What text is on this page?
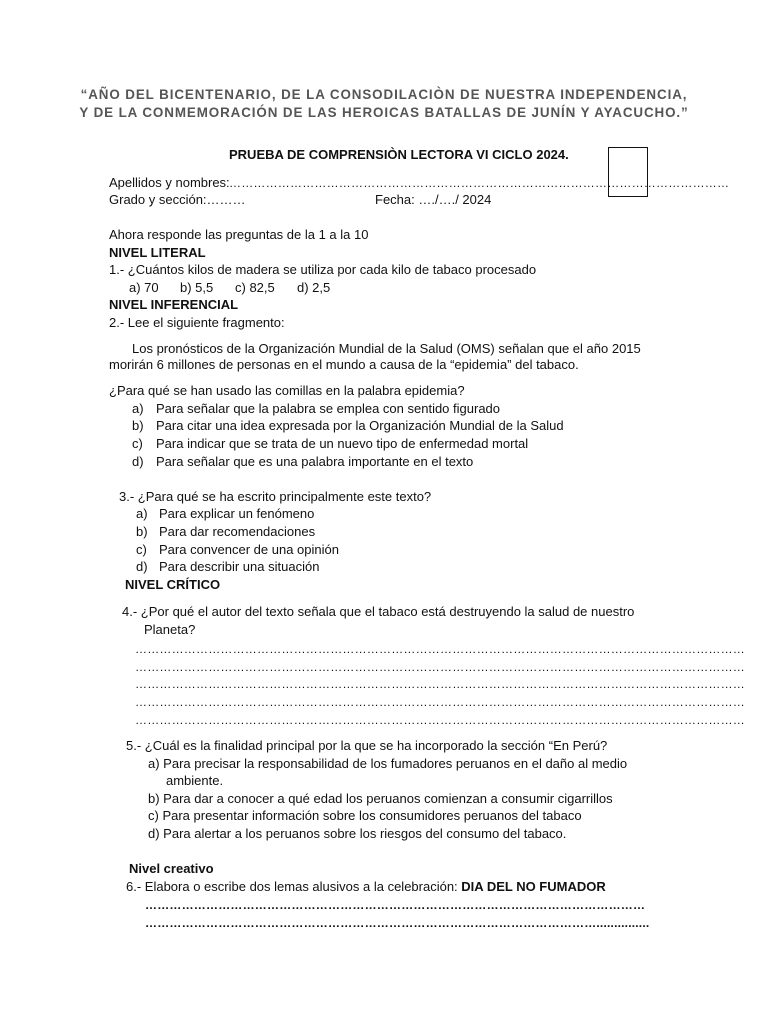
“AÑO DEL BICENTENARIO, DE LA CONSODILACIÒN DE NUESTRA INDEPENDENCIA,
Y DE LA CONMEMORACIÓN DE LAS HEROICAS BATALLAS DE JUNÍN Y AYACUCHO.”
PRUEBA DE COMPRENSIÒN LECTORA VI CICLO 2024.
Apellidos y nombres: ……………………………………………………………………………………………………………
Grado y sección:………	Fecha: …./…./ 2024
Ahora responde las preguntas de la 1 a la 10
NIVEL LITERAL
1.- ¿Cuántos kilos de madera se utiliza por cada kilo de tabaco procesado
a) 70 b) 5,5 c) 82,5 d) 2,5
NIVEL INFERENCIAL
2.- Lee el siguiente fragmento:
Los pronósticos de la Organización Mundial de la Salud (OMS) señalan que el año 2015
morirán 6 millones de personas en el mundo a causa de la “epidemia” del tabaco.
¿Para qué se han usado las comillas en la palabra epidemia?
a) Para señalar que la palabra se emplea con sentido figurado
b) Para citar una idea expresada por la Organización Mundial de la Salud
c) Para indicar que se trata de un nuevo tipo de enfermedad mortal
d) Para señalar que es una palabra importante en el texto
3.- ¿Para qué se ha escrito principalmente este texto?
a) Para explicar un fenómeno
b) Para dar recomendaciones
c) Para convencer de una opinión
d) Para describir una situación
NIVEL CRÍTICO
4.- ¿Por qué el autor del texto señala que el tabaco está destruyendo la salud de nuestro
Planeta?
……………………………………………………………………………………………………………………………………
……………………………………………………………………………………………………………………………………
……………………………………………………………………………………………………………………………………
……………………………………………………………………………………………………………………………………
……………………………………………………………………………………………………………………………………
5.- ¿Cuál es la finalidad principal por la que se ha incorporado la sección “En Perú?
a) Para precisar la responsabilidad de los fumadores peruanos en el daño al medio
ambiente.
b) Para dar a conocer a qué edad los peruanos comienzan a consumir cigarrillos
c) Para presentar información sobre los consumidores peruanos del tabaco
d) Para alertar a los peruanos sobre los riesgos del consumo del tabaco.
Nivel creativo
6.- Elabora o escribe dos lemas alusivos a la celebración: DIA DEL NO FUMADOR
……………………………………………………………………………………………………………
…………………………………………………………………………………………………...............
